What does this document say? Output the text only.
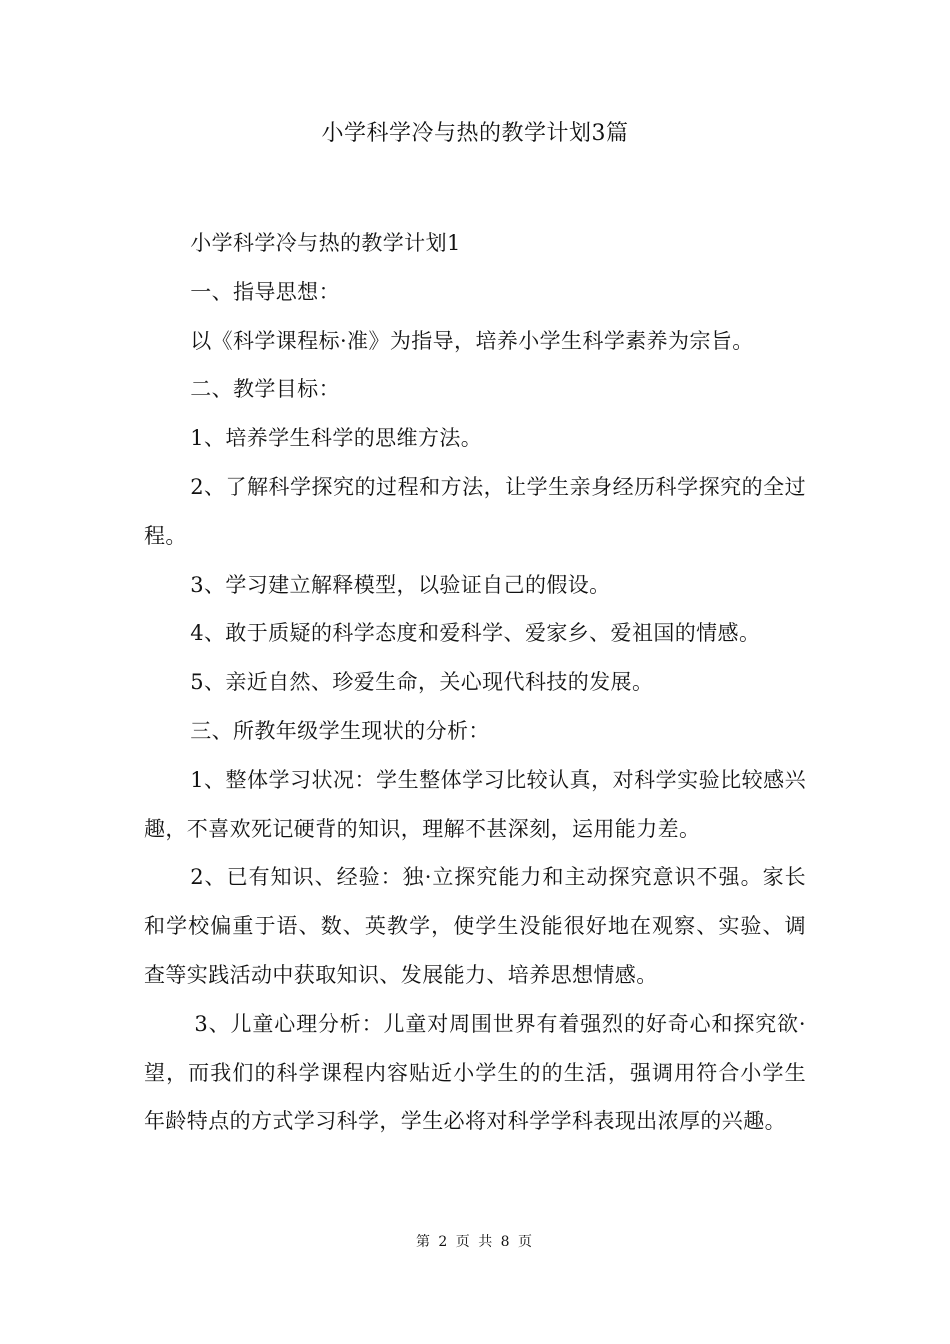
小学科学冷与热的教学计划3篇

小学科学冷与热的教学计划1

一、指导思想：

以《科学课程标·准》为指导，培养小学生科学素养为宗旨。

二、教学目标：

1、培养学生科学的思维方法。

2、了解科学探究的过程和方法，让学生亲身经历科学探究的全过程。

3、学习建立解释模型，以验证自己的假设。

4、敢于质疑的科学态度和爱科学、爱家乡、爱祖国的情感。

5、亲近自然、珍爱生命，关心现代科技的发展。

三、所教年级学生现状的分析：

1、整体学习状况：学生整体学习比较认真，对科学实验比较感兴趣，不喜欢死记硬背的知识，理解不甚深刻，运用能力差。

2、已有知识、经验：独·立探究能力和主动探究意识不强。家长和学校偏重于语、数、英教学，使学生没能很好地在观察、实验、调查等实践活动中获取知识、发展能力、培养思想情感。

3、儿童心理分析：儿童对周围世界有着强烈的好奇心和探究欲·望，而我们的科学课程内容贴近小学生的的生活，强调用符合小学生年龄特点的方式学习科学，学生必将对科学学科表现出浓厚的兴趣。

第 2 页 共 8 页
